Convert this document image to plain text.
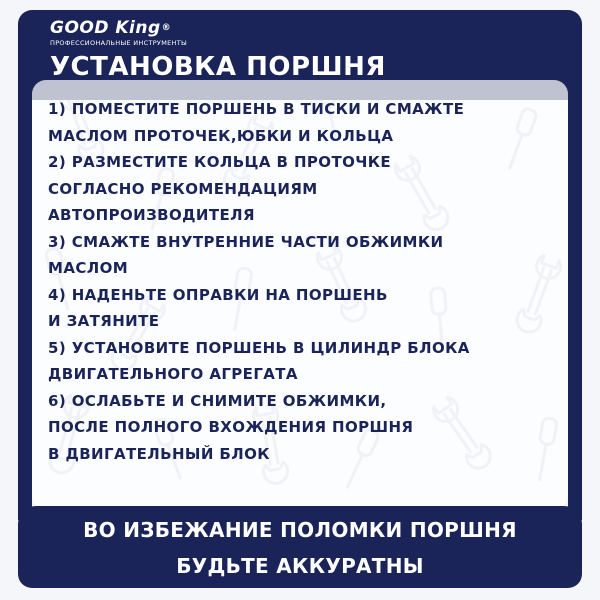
GOOD King®
ПРОФЕССИОНАЛЬНЫЕ ИНСТРУМЕНТЫ
УСТАНОВКА ПОРШНЯ
1) ПОМЕСТИТЕ ПОРШЕНЬ В ТИСКИ И СМАЖТЕ
МАСЛОМ ПРОТОЧЕК,ЮБКИ И КОЛЬЦА
2) РАЗМЕСТИТЕ КОЛЬЦА В ПРОТОЧКЕ
СОГЛАСНО РЕКОМЕНДАЦИЯМ
АВТОПРОИЗВОДИТЕЛЯ
3) СМАЖТЕ ВНУТРЕННИЕ ЧАСТИ ОБЖИМКИ
МАСЛОМ
4) НАДЕНЬТЕ ОПРАВКИ НА ПОРШЕНЬ
И ЗАТЯНИТЕ
5) УСТАНОВИТЕ ПОРШЕНЬ В ЦИЛИНДР БЛОКА
ДВИГАТЕЛЬНОГО АГРЕГАТА
6) ОСЛАБЬТЕ И СНИМИТЕ ОБЖИМКИ,
ПОСЛЕ ПОЛНОГО ВХОЖДЕНИЯ ПОРШНЯ
В ДВИГАТЕЛЬНЫЙ БЛОК
ВО ИЗБЕЖАНИЕ ПОЛОМКИ ПОРШНЯ
БУДЬТЕ АККУРАТНЫ
